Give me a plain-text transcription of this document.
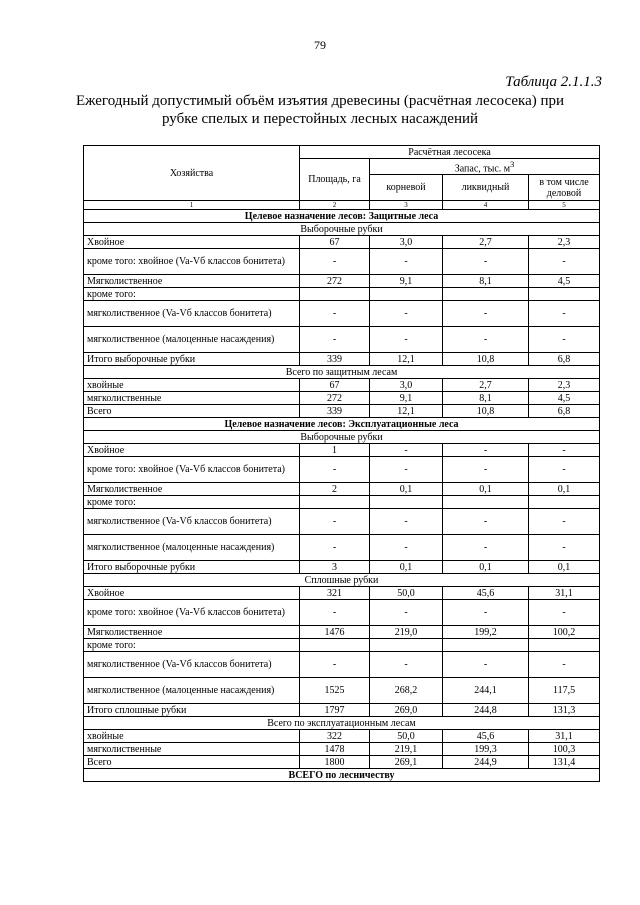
79
Таблица 2.1.1.3
Ежегодный допустимый объём изъятия древесины (расчётная лесосека) при рубке спелых и перестойных лесных насаждений
Хозяйства	Расчётная лесосека			
	Площадь, га	Запас, тыс. $м^3$
		корневой	ликвидный	в том числе деловой
1	2	3	4	5
Целевое назначение лесов: Защитные леса				
Выборочные рубки				
Хвойное	67	3,0	2,7	2,3
кроме того: хвойное (Va-Vб классов бонитета)	-	-	-	-
Мягколиственное	272	9,1	8,1	4,5
кроме того:				
мягколиственное (Va-Vб классов бонитета)	-	-	-	-
мягколиственное (малоценные насаждения)	-	-	-	-
Итого выборочные рубки	339	12,1	10,8	6,8
Всего по защитным лесам				
хвойные	67	3,0	2,7	2,3
мягколиственные	272	9,1	8,1	4,5
Всего	339	12,1	10,8	6,8
Целевое назначение лесов: Эксплуатационные леса				
Выборочные рубки				
Хвойное	1	-	-	-
кроме того: хвойное (Va-Vб классов бонитета)	-	-	-	-
Мягколиственное	2	0,1	0,1	0,1
кроме того:				
мягколиственное (Va-Vб классов бонитета)	-	-	-	-
мягколиственное (малоценные насаждения)	-	-	-	-
Итого выборочные рубки	3	0,1	0,1	0,1
Сплошные рубки				
Хвойное	321	50,0	45,6	31,1
кроме того: хвойное (Va-Vб классов бонитета)	-	-	-	-
Мягколиственное	1476	219,0	199,2	100,2
кроме того:				
мягколиственное (Va-Vб классов бонитета)	-	-	-	-
мягколиственное (малоценные насаждения)	1525	268,2	244,1	117,5
Итого сплошные рубки	1797	269,0	244,8	131,3
Всего по эксплуатационным лесам				
хвойные	322	50,0	45,6	31,1
мягколиственные	1478	219,1	199,3	100,3
Всего	1800	269,1	244,9	131,4
ВСЕГО по лесничеству				
